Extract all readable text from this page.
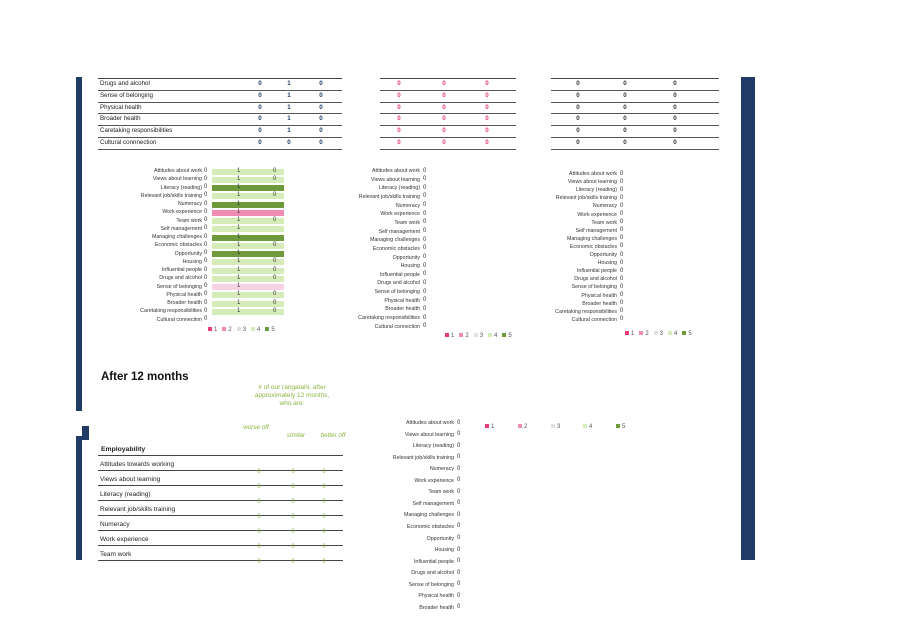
Drugs and alcohol	0	1	0
Sense of belonging	0	1	0
Physical health	0	1	0
Broader health	0	1	0
Caretaking responsibilities	0	1	0
Cultural connnection	0	0	0
0	0	0
0	0	0
0	0	0
0	0	0
0	0	0
0	0	0
0	0	0
0	0	0
0	0	0
0	0	0
0	0	0
0	0	0
Attitudes about work 0	1	0
Views about learning 0	1	0
Literacy (reading) 0	1
Relevant job/skills training 0	1	0
Numeracy 0	1
Work experience 0	1
Team work 0	1	0
Self management 0	1
Managing challenges 0	1
Economic obstacles 0	1	0
Opportunity 0	1
Housing 0	1	0
Influential people 0	1	0
Drugs and alcohol 0	1	0
Sense of belonging 0	1
Physical health 0	1	0
Broader health 0	1	0
Caretaking responsibilities 0	1	0
Cultural connection 0
1 2 3 4 5
Attitudes about work 0
Views about learning 0
Literacy (reading) 0
Relevant job/skills training 0
Numeracy 0
Work experience 0
Team work 0
Self management 0
Managing challenges 0
Economic obstacles 0
Opportunity 0
Housing 0
Influential people 0
Drugs and alcohol 0
Sense of belonging 0
Physical health 0
Broader health 0
Caretaking responsibilities 0
Cultural connection 0
1 2 3 4 5
Attitudes about work 0
Views about learning 0
Literacy (reading) 0
Relevant job/skills training 0
Numeracy 0
Work experience 0
Team work 0
Self management 0
Managing challenges 0
Economic obstacles 0
Opportunity 0
Housing 0
Influential people 0
Drugs and alcohol 0
Sense of belonging 0
Physical health 0
Broader health 0
Caretaking responsibilities 0
Cultural connection 0
1 2 3 4 5
Attitudes about work 0
Views about learning 0
Literacy (reading) 0
Relevant job/skills training 0
Numeracy 0
Work experience 0
Team work 0
Self management 0
Managing challenges 0
Economic obstacles 0
Opportunity 0
Housing 0
Influential people 0
Drugs and alcohol 0
Sense of belonging 0
Physical health 0
Broader health 0
After 12 months
# of our rangatahi, after approximately 12 months, who are:
worse off
similar	better off
Employability
Attitudes towards working
0	0	0
Views about learning
0	0	0
Literacy (reading)
0	0	0
Relevant job/skills training
0	0	0
Numeracy
0	0	0
Work experience
0	0	0
Team work
0	0	0
1	2	3	4	5
